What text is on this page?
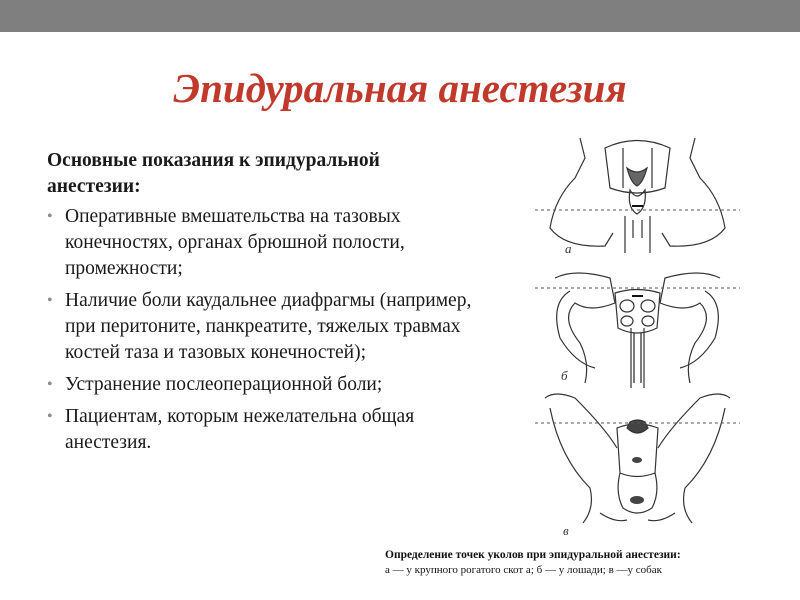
Эпидуральная анестезия

Основные показания к эпидуральной анестезии:

• Оперативные вмешательства на тазовых конечностях, органах брюшной полости, промежности;
• Наличие боли каудальнее диафрагмы (например, при перитоните, панкреатите, тяжелых травмах костей таза и тазовых конечностей);
• Устранение послеоперационной боли;
• Пациентам, которым нежелательна общая анестезия.
а
б
в
Определение точек уколов при эпидуральной анестезии:
а — у крупного рогатого скот а; б — у лошади; в —у собак
